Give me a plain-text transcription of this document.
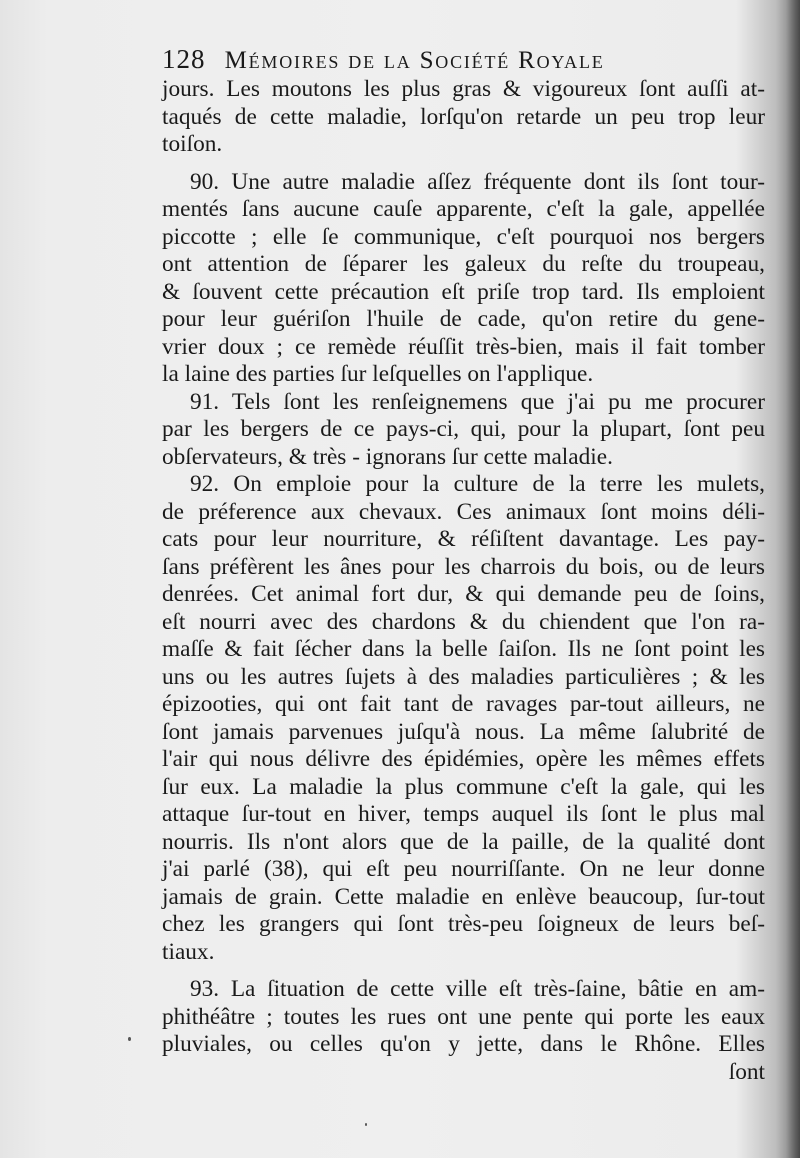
128 Mémoires de la Société Royale
jours. Les moutons les plus gras & vigoureux ſont auſſi at-
taqués de cette maladie, lorſqu'on retarde un peu trop leur
toiſon.
90. Une autre maladie aſſez fréquente dont ils ſont tour-
mentés ſans aucune cauſe apparente, c'eſt la gale, appellée
piccotte ; elle ſe communique, c'eſt pourquoi nos bergers
ont attention de ſéparer les galeux du reſte du troupeau,
& ſouvent cette précaution eſt priſe trop tard. Ils emploient
pour leur guériſon l'huile de cade, qu'on retire du gene-
vrier doux ; ce remède réuſſit très-bien, mais il fait tomber
la laine des parties ſur leſquelles on l'applique.
91. Tels ſont les renſeignemens que j'ai pu me procurer
par les bergers de ce pays-ci, qui, pour la plupart, ſont peu
obſervateurs, & très - ignorans ſur cette maladie.
92. On emploie pour la culture de la terre les mulets,
de préference aux chevaux. Ces animaux ſont moins déli-
cats pour leur nourriture, & réſiſtent davantage. Les pay-
ſans préfèrent les ânes pour les charrois du bois, ou de leurs
denrées. Cet animal fort dur, & qui demande peu de ſoins,
eſt nourri avec des chardons & du chiendent que l'on ra-
maſſe & fait ſécher dans la belle ſaiſon. Ils ne ſont point les
uns ou les autres ſujets à des maladies particulières ; & les
épizooties, qui ont fait tant de ravages par-tout ailleurs, ne
ſont jamais parvenues juſqu'à nous. La même ſalubrité de
l'air qui nous délivre des épidémies, opère les mêmes effets
ſur eux. La maladie la plus commune c'eſt la gale, qui les
attaque ſur-tout en hiver, temps auquel ils ſont le plus mal
nourris. Ils n'ont alors que de la paille, de la qualité dont
j'ai parlé (38), qui eſt peu nourriſſante. On ne leur donne
jamais de grain. Cette maladie en enlève beaucoup, ſur-tout
chez les grangers qui ſont très-peu ſoigneux de leurs beſ-
tiaux.
93. La ſituation de cette ville eſt très-ſaine, bâtie en am-
phithéâtre ; toutes les rues ont une pente qui porte les eaux
pluviales, ou celles qu'on y jette, dans le Rhône. Elles
ſont
